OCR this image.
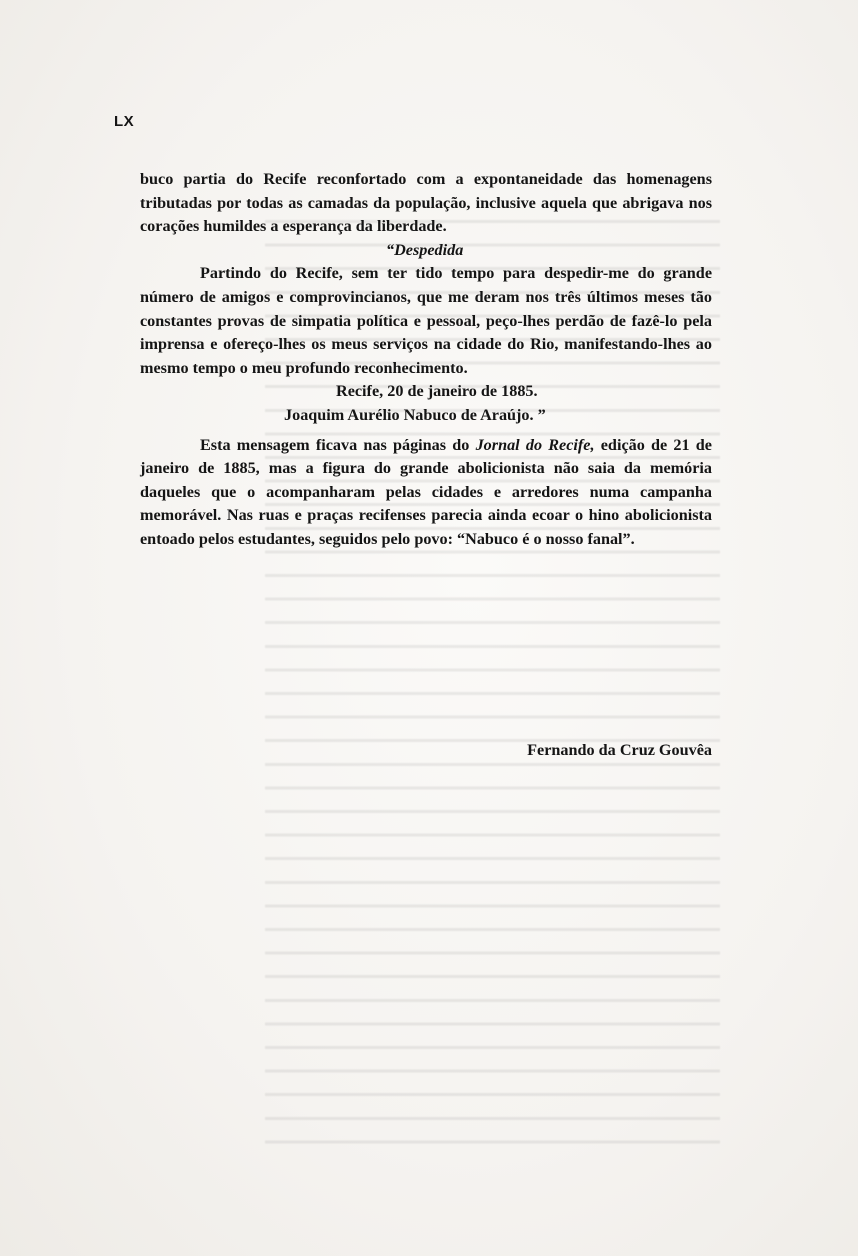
LX

buco partia do Recife reconfortado com a expontaneidade das homenagens tributadas por todas as camadas da população, inclusive aquela que abrigava nos corações humildes a esperança da liberdade.

“Despedida

Partindo do Recife, sem ter tido tempo para despedir-me do grande número de amigos e comprovincianos, que me deram nos três últimos meses tão constantes provas de simpatia política e pessoal, peço-lhes perdão de fazê-lo pela imprensa e ofereço-lhes os meus serviços na cidade do Rio, manifestando-lhes ao mesmo tempo o meu profundo reconhecimento.

Recife, 20 de janeiro de 1885.

Joaquim Aurélio Nabuco de Araújo. ”

Esta mensagem ficava nas páginas do Jornal do Recife, edição de 21 de janeiro de 1885, mas a figura do grande abolicionista não saia da memória daqueles que o acompanharam pelas cidades e arredores numa campanha memorável. Nas ruas e praças recifenses parecia ainda ecoar o hino abolicionista entoado pelos estudantes, seguidos pelo povo: “Nabuco é o nosso fanal”.

Fernando da Cruz Gouvêa
